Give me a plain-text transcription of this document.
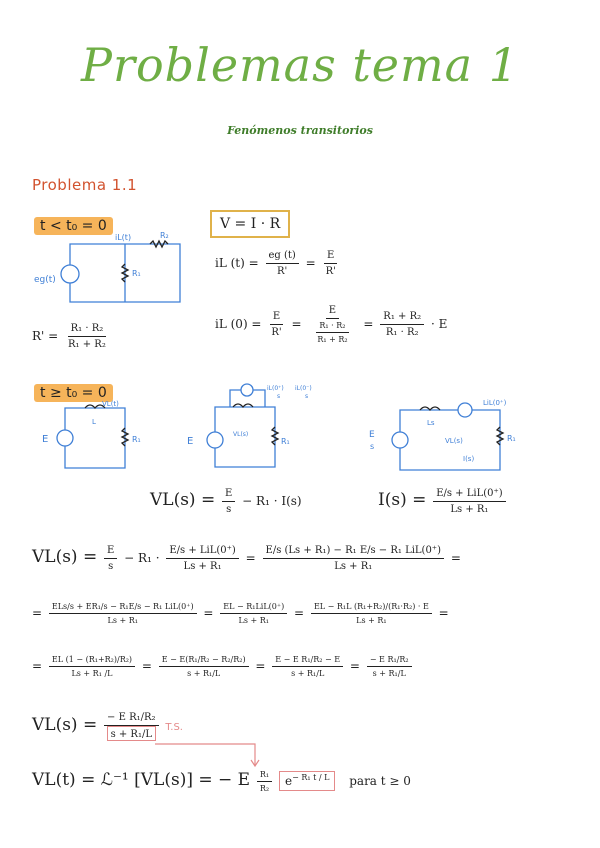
Problemas tema 1
Fenómenos transitorios
Problema 1.1
t < t₀ = 0
t ≥ t₀ = 0
V = I · R
eg(t)
iL(t)	R₂
R₁
$R' = \frac{\text{R₁ · R₂}}{\text{R₁ + R₂}}$
iL $(t) = \frac{eg (t)}{R'} = \frac{E}{R'}$
iL $(0) = \frac{E}{R'} = \frac{E}{\frac{\text{R₁ · R₂}}{\text{R₁ + R₂}}} = \frac{\text{R₁ + R₂}}{\text{R₁ · R₂}} \cdot E$
E
VL(t)
L
R₁	E
iL(0⁺) iL(0⁻)
s	s
VL(s)
R₁
E
s
LiL(0⁺)
Ls
VL(s)
I(s)
R₁
$VL(s) = \frac{E}{s} - R_1 \cdot I(s)$	$I(s) = \frac{\text{E/s + LiL(0⁺)}}{\text{Ls + R₁}}$
$VL(s) = \frac{E}{s} - R_1 \cdot \frac{\text{E/s + LiL(0⁺)}}{\text{Ls + R₁}} = \frac{\text{E/s (Ls + R₁) − R₁ E/s − R₁ LiL(0⁺)}}{\text{Ls + R₁}}$ =
= $\frac{\text{ELs/s + ER₁/s − R₁E/s − R₁ LiL(0⁺)}}{\text{Ls + R₁}} = \frac{\text{EL − R₁LiL(0⁺)}}{\text{Ls + R₁}} = \frac{\text{EL − R₁L (R₁+R₂)/(R₁·R₂) · E}}{\text{Ls + R₁}}$ =
= $\frac{\text{EL (1 − (R₁+R₂)/R₂)}}{\text{Ls + R₁ /L}} = \frac{\text{E − E(R₁/R₂ − R₂/R₂)}}{\text{s + R₁/L}} = \frac{\text{E − E R₁/R₂ − E}}{\text{s + R₁/L}} = \frac{\text{− E R₁/R₂}}{\text{s + R₁/L}}$
$VL(s) = \frac{\text{− E R₁/R₂}}{\text{s + R₁/L}} T.S$.
VL(t) = ℒ⁻¹ [VL(s)] = − E $\frac{\text{R₁}}{\text{R₂}} e^{- R_1 t / L}$ para t ≥ 0
